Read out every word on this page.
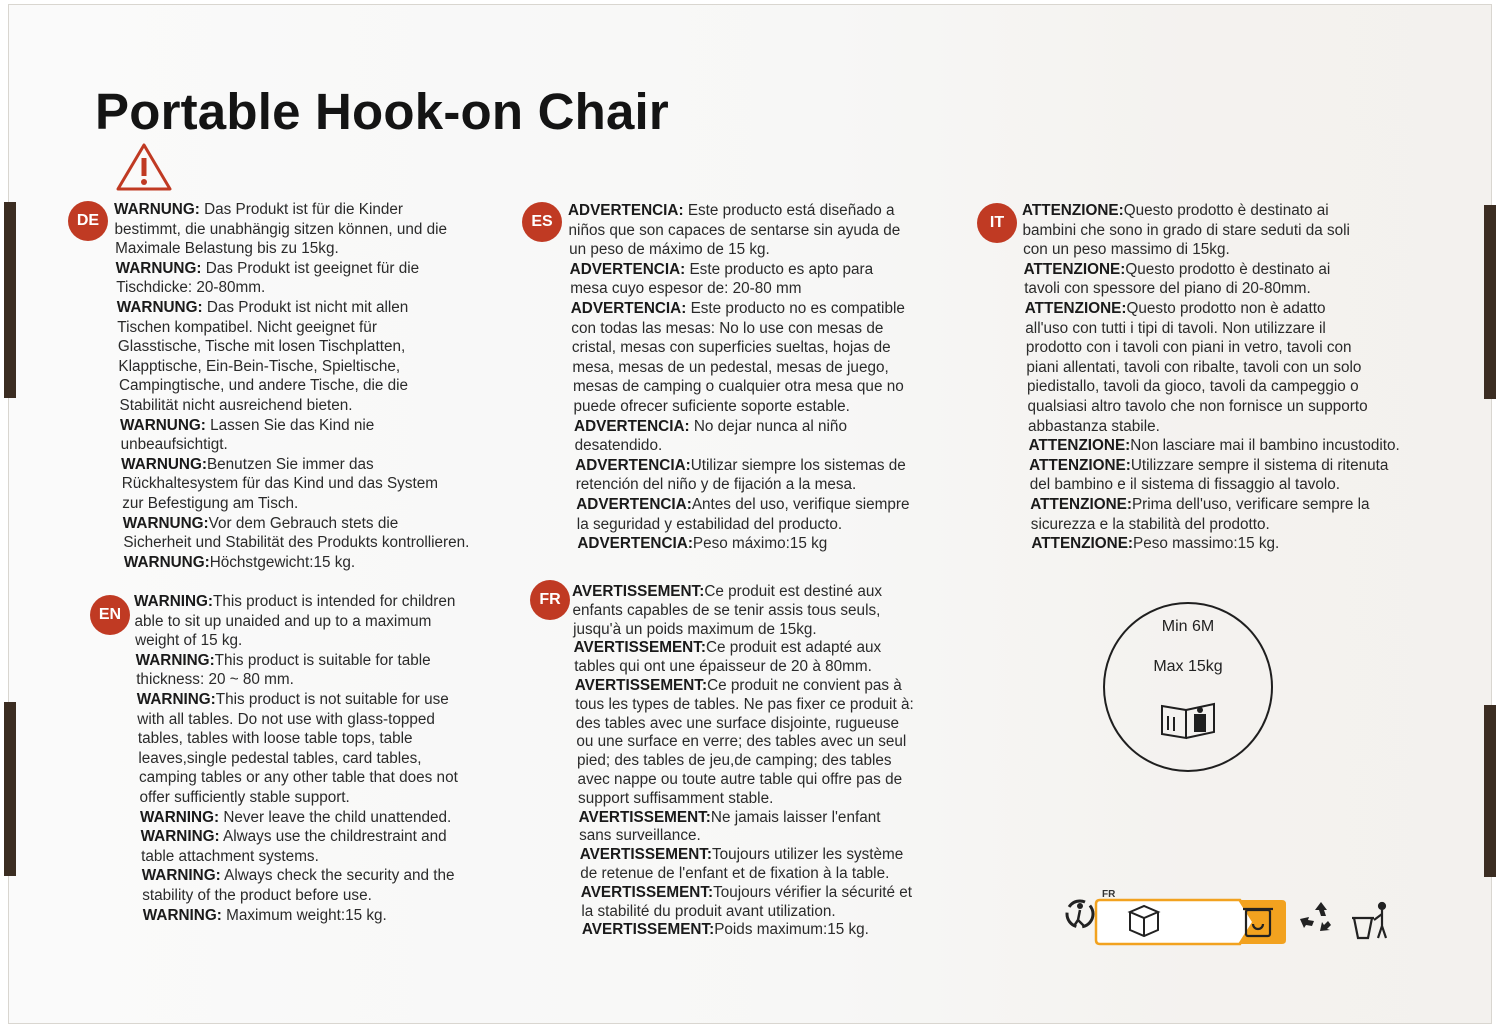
Portable Hook-on Chair
DE
WARNUNG: Das Produkt ist für die Kinder
bestimmt, die unabhängig sitzen können, und die
Maximale Belastung bis zu 15kg.
WARNUNG: Das Produkt ist geeignet für die
Tischdicke: 20-80mm.
WARNUNG: Das Produkt ist nicht mit allen
Tischen kompatibel. Nicht geeignet für
Glasstische, Tische mit losen Tischplatten,
Klapptische, Ein-Bein-Tische, Spieltische,
Campingtische, und andere Tische, die die
Stabilität nicht ausreichend bieten.
WARNUNG: Lassen Sie das Kind nie
unbeaufsichtigt.
WARNUNG:Benutzen Sie immer das
Rückhaltesystem für das Kind und das System
zur Befestigung am Tisch.
WARNUNG:Vor dem Gebrauch stets die
Sicherheit und Stabilität des Produkts kontrollieren.
WARNUNG:Höchstgewicht:15 kg.
EN
WARNING:This product is intended for children
able to sit up unaided and up to a maximum
weight of 15 kg.
WARNING:This product is suitable for table
thickness: 20 ~ 80 mm.
WARNING:This product is not suitable for use
with all tables. Do not use with glass-topped
tables, tables with loose table tops, table
leaves,single pedestal tables, card tables,
camping tables or any other table that does not
offer sufficiently stable support.
WARNING: Never leave the child unattended.
WARNING: Always use the childrestraint and
table attachment systems.
WARNING: Always check the security and the
stability of the product before use.
WARNING: Maximum weight:15 kg.
ES
ADVERTENCIA: Este producto está diseñado a
niños que son capaces de sentarse sin ayuda de
un peso de máximo de 15 kg.
ADVERTENCIA: Este producto es apto para
mesa cuyo espesor de: 20-80 mm
ADVERTENCIA: Este producto no es compatible
con todas las mesas: No lo use con mesas de
cristal, mesas con superficies sueltas, hojas de
mesa, mesas de un pedestal, mesas de juego,
mesas de camping o cualquier otra mesa que no
puede ofrecer suficiente soporte estable.
ADVERTENCIA: No dejar nunca al niño
desatendido.
ADVERTENCIA:Utilizar siempre los sistemas de
retención del niño y de fijación a la mesa.
ADVERTENCIA:Antes del uso, verifique siempre
la seguridad y estabilidad del producto.
ADVERTENCIA:Peso máximo:15 kg
FR AVERTISSEMENT:Ce produit est destiné aux
enfants capables de se tenir assis tous seuls,
jusqu'à un poids maximum de 15kg.
AVERTISSEMENT:Ce produit est adapté aux
tables qui ont une épaisseur de 20 à 80mm.
AVERTISSEMENT:Ce produit ne convient pas à
tous les types de tables. Ne pas fixer ce produit à:
des tables avec une surface disjointe, rugueuse
ou une surface en verre; des tables avec un seul
pied; des tables de jeu,de camping; des tables
avec nappe ou toute autre table qui offre pas de
support suffisamment stable.
AVERTISSEMENT:Ne jamais laisser l'enfant
sans surveillance.
AVERTISSEMENT:Toujours utilizer les système
de retenue de l'enfant et de fixation à la table.
AVERTISSEMENT:Toujours vérifier la sécurité et
la stabilité du produit avant utilization.
AVERTISSEMENT:Poids maximum:15 kg.
IT
ATTENZIONE:Questo prodotto è destinato ai
bambini che sono in grado di stare seduti da soli
con un peso massimo di 15kg.
ATTENZIONE:Questo prodotto è destinato ai
tavoli con spessore del piano di 20-80mm.
ATTENZIONE:Questo prodotto non è adatto
all'uso con tutti i tipi di tavoli. Non utilizzare il
prodotto con i tavoli con piani in vetro, tavoli con
piani allentati, tavoli con ribalte, tavoli con un solo
piedistallo, tavoli da gioco, tavoli da campeggio o
qualsiasi altro tavolo che non fornisce un supporto
abbastanza stabile.
ATTENZIONE:Non lasciare mai il bambino incustodito.
ATTENZIONE:Utilizzare sempre il sistema di ritenuta
del bambino e il sistema di fissaggio al tavolo.
ATTENZIONE:Prima dell'uso, verificare sempre la
sicurezza e la stabilità del prodotto.
ATTENZIONE:Peso massimo:15 kg.
Min 6M
Max 15kg
FR
